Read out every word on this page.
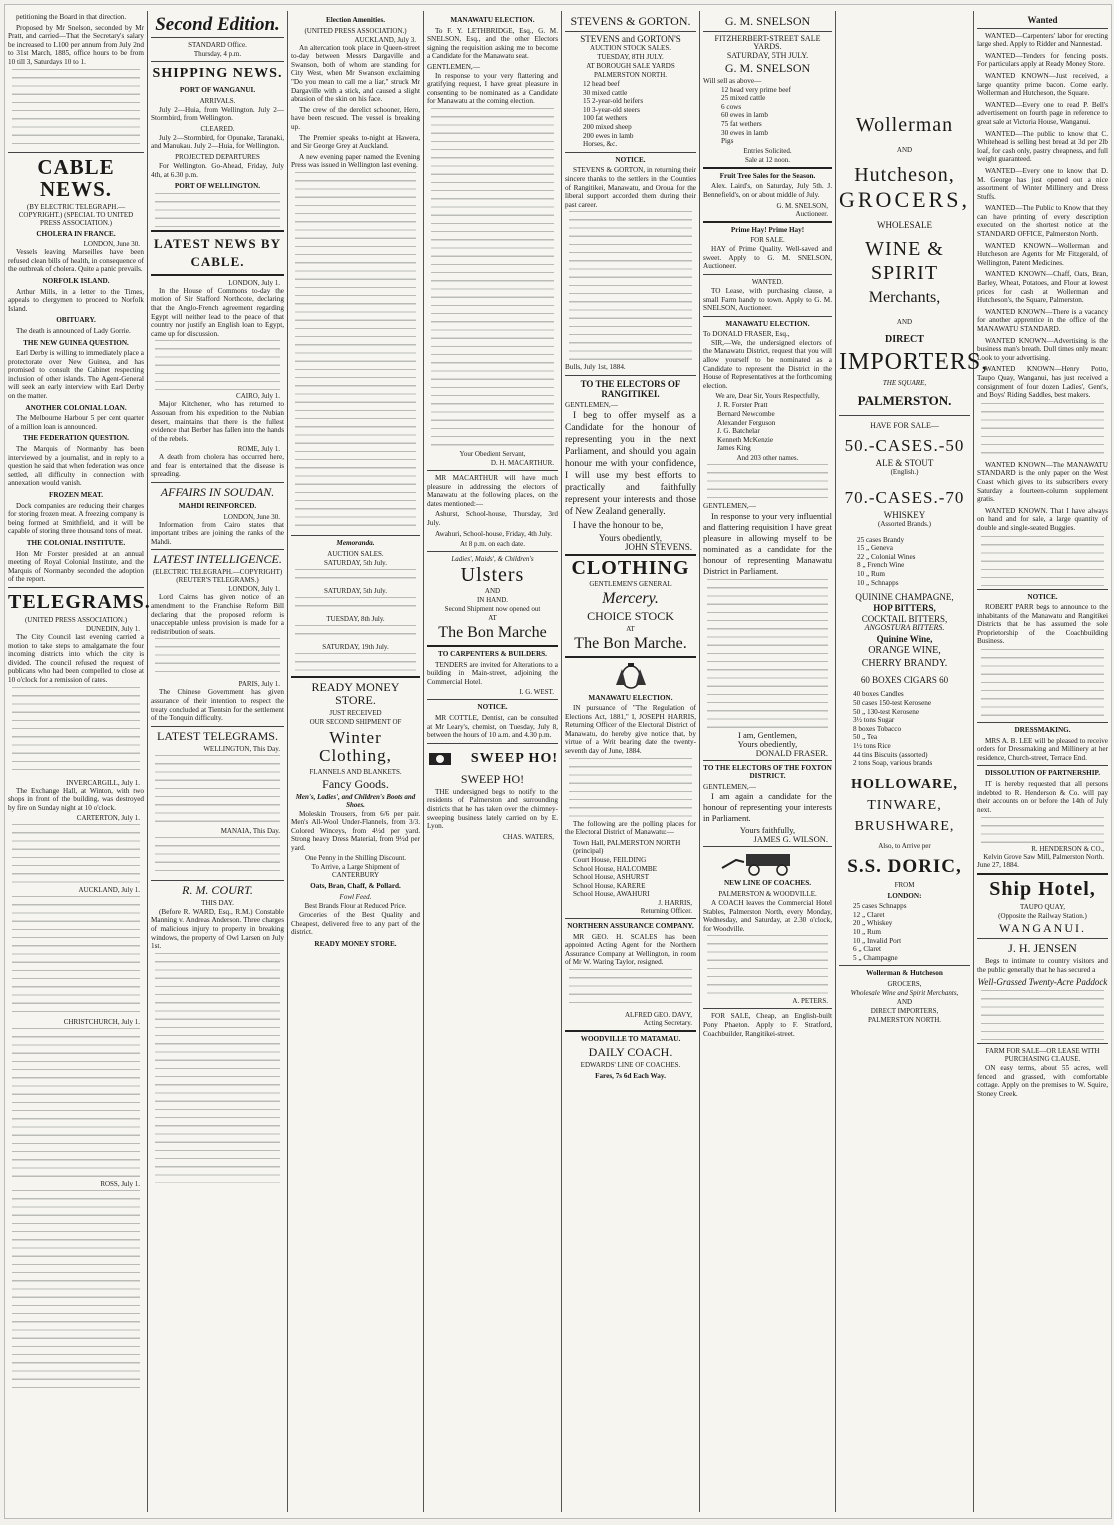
petitioning the Board in that direction.

Proposed by Mr Snelson, seconded by Mr Pratt, and carried—That the Secretary's salary be increased to L100 per annum from July 2nd to 31st March, 1885, office hours to be from 10 till 3, Saturdays 10 to 1.

CABLE NEWS.
(BY ELECTRIC TELEGRAPH.—COPYRIGHT.) (SPECIAL TO UNITED PRESS ASSOCIATION.)
CHOLERA IN FRANCE.
LONDON, June 30.

Vessels leaving Marseilles have been refused clean bills of health, in consequence of the outbreak of cholera. Quite a panic prevails.

NORFOLK ISLAND.

Arthur Mills, in a letter to the Times, appeals to clergymen to proceed to Norfolk Island.

OBITUARY.

The death is announced of Lady Gorrie.

THE NEW GUINEA QUESTION.

Earl Derby is willing to immediately place a protectorate over New Guinea, and has promised to consult the Cabinet respecting inclusion of other islands. The Agent-General will seek an early interview with Earl Derby on the matter.

ANOTHER COLONIAL LOAN.

The Melbourne Harbour 5 per cent quarter of a million loan is announced.

THE FEDERATION QUESTION.

The Marquis of Normanby has been interviewed by a journalist, and in reply to a question he said that when federation was once settled, all difficulty in connection with annexation would vanish.

FROZEN MEAT.

Dock companies are reducing their charges for storing frozen meat. A freezing company is being formed at Smithfield, and it will be capable of storing three thousand tons of meat.

THE COLONIAL INSTITUTE.

Hon Mr Forster presided at an annual meeting of Royal Colonial Institute, and the Marquis of Normanby seconded the adoption of the report.

TELEGRAMS.
(UNITED PRESS ASSOCIATION.)
DUNEDIN, July 1.

The City Council last evening carried a motion to take steps to amalgamate the four incoming districts into which the city is divided. The council refused the request of publicans who had been compelled to close at 10 o'clock for a remission of rates.

INVERCARGILL, July 1.

The Exchange Hall, at Winton, with two shops in front of the building, was destroyed by fire on Sunday night at 10 o'clock.

CARTERTON, July 1.
AUCKLAND, July 1.
CHRISTCHURCH, July 1.
ROSS, July 1.
Second Edition.
STANDARD Office.
Thursday, 4 p.m.
SHIPPING NEWS.
PORT OF WANGANUI.
ARRIVALS.

July 2—Huia, from Wellington. July 2—Stormbird, from Wellington.

CLEARED.

July 2—Stormbird, for Opunake, Taranaki, and Manukau. July 2—Huia, for Wellington.

PROJECTED DEPARTURES

For Wellington. Go-Ahead, Friday, July 4th, at 6.30 p.m.

PORT OF WELLINGTON.
LATEST NEWS BY CABLE.
LONDON, July 1.

In the House of Commons to-day the motion of Sir Stafford Northcote, declaring that the Anglo-French agreement regarding Egypt will neither lead to the peace of that country nor justify an English loan to Egypt, came up for discussion.

CAIRO, July 1.

Major Kitchener, who has returned to Assouan from his expedition to the Nubian desert, maintains that there is the fullest evidence that Berber has fallen into the hands of the rebels.

ROME, July 1.

A death from cholera has occurred here, and fear is entertained that the disease is spreading.

AFFAIRS IN SOUDAN.
MAHDI REINFORCED.
LONDON, June 30.

Information from Cairo states that important tribes are joining the ranks of the Mahdi.

LATEST INTELLIGENCE.
(ELECTRIC TELEGRAPH.—COPYRIGHT) (REUTER'S TELEGRAMS.)
LONDON, July 1.

Lord Cairns has given notice of an amendment to the Franchise Reform Bill declaring that the proposed reform is unacceptable unless provision is made for a redistribution of seats.

PARIS, July 1.

The Chinese Government has given assurance of their intention to respect the treaty concluded at Tientsin for the settlement of the Tonquin difficulty.

LATEST TELEGRAMS.
WELLINGTON, This Day.
MANAIA, This Day.
R. M. COURT.
THIS DAY.

(Before R. WARD, Esq., R.M.) Constable Manning v. Andreas Anderson. Three charges of malicious injury to property in breaking windows, the property of Owl Larsen on July 1st.

Election Amenities.
(UNITED PRESS ASSOCIATION.)
AUCKLAND, July 3.

An altercation took place in Queen-street to-day between Messrs Dargaville and Swanson, both of whom are standing for City West, when Mr Swanson exclaiming "Do you mean to call me a liar," struck Mr Dargaville with a stick, and caused a slight abrasion of the skin on his face.

The crew of the derelict schooner, Hero, have been rescued. The vessel is breaking up.

The Premier speaks to-night at Hawera, and Sir George Grey at Auckland.

A new evening paper named the Evening Press was issued in Wellington last evening.

Memoranda.
AUCTION SALES.
SATURDAY, 5th July.
SATURDAY, 5th July.
TUESDAY, 8th July.
SATURDAY, 19th July.
READY MONEY STORE.
JUST RECEIVED
OUR SECOND SHIPMENT OF
Winter Clothing,
FLANNELS AND BLANKETS.
Fancy Goods.
Men's, Ladies', and Children's Boots and Shoes.

Moleskin Trousers, from 6/6 per pair. Men's All-Wool Under-Flannels, from 3/3. Colored Winceys, from 4½d per yard. Strong heavy Dress Material, from 9½d per yard.

One Penny in the Shilling Discount.
To Arrive, a Large Shipment of CANTERBURY
Oats, Bran, Chaff, & Pollard.
Fowl Feed.
Best Brands Flour at Reduced Price.

Groceries of the Best Quality and Cheapest, delivered free to any part of the district.

READY MONEY STORE.
MANAWATU ELECTION.

To F. Y. LETHBRIDGE, Esq., G. M. SNELSON, Esq., and the other Electors signing the requisition asking me to become a Candidate for the Manawatu seat.

GENTLEMEN,—

In response to your very flattering and gratifying request, I have great pleasure in consenting to be nominated as a Candidate for Manawatu at the coming election.

Your Obedient Servant,
D. H. MACARTHUR.

MR MACARTHUR will have much pleasure in addressing the electors of Manawatu at the following places, on the dates mentioned:—

Ashurst, School-house, Thursday, 3rd July.

Awahuri, School-house, Friday, 4th July.

At 8 p.m. on each date.
Ladies', Maids', & Children's
Ulsters
AND
IN HAND.
Second Shipment now opened out
AT
The Bon Marche
TO CARPENTERS & BUILDERS.

TENDERS are invited for Alterations to a building in Main-street, adjoining the Commercial Hotel.

I. G. WEST.
NOTICE.

MR COTTLE, Dentist, can be consulted at Mr Leary's, chemist, on Tuesday, July 8, between the hours of 10 a.m. and 4.30 p.m.

SWEEP HO!
SWEEP HO!

THE undersigned begs to notify to the residents of Palmerston and surrounding districts that he has taken over the chimney-sweeping business lately carried on by E. Lyon.

CHAS. WATERS,
STEVENS & GORTON.
STEVENS and GORTON'S
AUCTION STOCK SALES.
TUESDAY, 8TH JULY.
AT BOROUGH SALE YARDS
PALMERSTON NORTH.
12 head beef
30 mixed cattle
15 2-year-old heifers
10 3-year-old steers
100 fat wethers
200 mixed sheep
200 ewes in lamb
Horses, &c.
NOTICE.

STEVENS & GORTON, in returning their sincere thanks to the settlers in the Counties of Rangitikei, Manawatu, and Oroua for the liberal support accorded them during their past career.

Bulls, July 1st, 1884.
TO THE ELECTORS OF RANGITIKEI.
GENTLEMEN,—

I beg to offer myself as a Candidate for the honour of representing you in the next Parliament, and should you again honour me with your confidence, I will use my best efforts to practically and faithfully represent your interests and those of New Zealand generally.

I have the honour to be,

Yours obediently,
JOHN STEVENS.
CLOTHING
GENTLEMEN'S GENERAL
Mercery.
CHOICE STOCK
AT
The Bon Marche.
MANAWATU ELECTION.

IN pursuance of "The Regulation of Elections Act, 1881," I, JOSEPH HARRIS, Returning Officer of the Electoral District of Manawatu, do hereby give notice that, by virtue of a Writ bearing date the twenty-seventh day of June, 1884.

The following are the polling places for the Electoral District of Manawatu:—

Town Hall, PALMERSTON NORTH (principal)
Court House, FEILDING
School House, HALCOMBE
School House, ASHURST
School House, KARERE
School House, AWAHURI
J. HARRIS,
Returning Officer.
NORTHERN ASSURANCE COMPANY.

MR GEO. H. SCALES has been appointed Acting Agent for the Northern Assurance Company at Wellington, in room of Mr W. Waring Taylor, resigned.

ALFRED GEO. DAVY,
Acting Secretary.
WOODVILLE TO MATAMAU.
DAILY COACH.
EDWARDS' LINE OF COACHES.
Fares, 7s 6d Each Way.
G. M. SNELSON
FITZHERBERT-STREET SALE YARDS.
SATURDAY, 5TH JULY.
G. M. SNELSON
Will sell as above—
12 head very prime beef
25 mixed cattle
6 cows
60 ewes in lamb
75 fat wethers
30 ewes in lamb
Pigs
Entries Solicited.
Sale at 12 noon.
Fruit Tree Sales for the Season.

Alex. Laird's, on Saturday, July 5th. J. Bennefield's, on or about middle of July.

G. M. SNELSON,
Auctioneer.
Prime Hay! Prime Hay!
FOR SALE.

HAY of Prime Quality. Well-saved and sweet. Apply to G. M. SNELSON, Auctioneer.

WANTED.

TO Lease, with purchasing clause, a small Farm handy to town. Apply to G. M. SNELSON, Auctioneer.

MANAWATU ELECTION.
To DONALD FRASER, Esq.,

SIR,—We, the undersigned electors of the Manawatu District, request that you will allow yourself to be nominated as a Candidate to represent the District in the House of Representatives at the forthcoming election.

We are, Dear Sir, Yours Respectfully,
J. R. Forster Pratt
Bernard Newcombe
Alexander Ferguson
J. G. Batchelar
Kenneth McKenzie
James King
And 203 other names.
GENTLEMEN,—

In response to your very influential and flattering requisition I have great pleasure in allowing myself to be nominated as a candidate for the honour of representing Manawatu District in Parliament.

I am, Gentlemen,
Yours obediently,
DONALD FRASER.
TO THE ELECTORS OF THE FOXTON DISTRICT.
GENTLEMEN,—

I am again a candidate for the honour of representing your interests in Parliament.

Yours faithfully,
JAMES G. WILSON.
NEW LINE OF COACHES.
PALMERSTON & WOODVILLE.

A COACH leaves the Commercial Hotel Stables, Palmerston North, every Monday, Wednesday, and Saturday, at 2.30 o'clock, for Woodville.

A. PETERS.

FOR SALE, Cheap, an English-built Pony Phaeton. Apply to F. Stratford, Coachbuilder, Rangitikei-street.

Wollerman
AND
Hutcheson,
GROCERS,
WHOLESALE
WINE & SPIRIT
Merchants,
AND
DIRECT
IMPORTERS,
THE SQUARE,
PALMERSTON.
HAVE FOR SALE—
50.-CASES.-50
ALE & STOUT
(English.)
70.-CASES.-70
WHISKEY
(Assorted Brands.)
25 cases Brandy
15 „ Geneva
22 „ Colonial Wines
8 „ French Wine
10 „ Rum
10 „ Schnapps
QUININE CHAMPAGNE,
HOP BITTERS,
COCKTAIL BITTERS,
ANGOSTURA BITTERS.
Quinine Wine,
ORANGE WINE,
CHERRY BRANDY.
60 BOXES CIGARS 60
40 boxes Candles
50 cases 150-test Kerosene
50 „ 130-test Kerosene
3½ tons Sugar
8 boxes Tobacco
50 „ Tea
1½ tons Rice
44 tins Biscuits (assorted)
2 tons Soap, various brands
HOLLOWARE,
TINWARE,
BRUSHWARE,
Also, to Arrive per
S.S. DORIC,
FROM
LONDON:
25 cases Schnapps
12 „ Claret
20 „ Whiskey
10 „ Rum
10 „ Invalid Port
6 „ Claret
5 „ Champagne
Wollerman & Hutcheson
GROCERS,
Wholesale Wine and Spirit Merchants,
AND
DIRECT IMPORTERS,
PALMERSTON NORTH.
Wanted

WANTED—Carpenters' labor for erecting large shed. Apply to Ridder and Nannestad.

WANTED—Tenders for fencing posts. For particulars apply at Ready Money Store.

WANTED KNOWN—Just received, a large quantity prime bacon. Come early. Wollerman and Hutcheson, the Square.

WANTED—Every one to read P. Bell's advertisement on fourth page in reference to great sale at Victoria House, Wanganui.

WANTED—The public to know that C. Whitehead is selling best bread at 3d per 2lb loaf, for cash only, pastry cheapness, and full weight guaranteed.

WANTED—Every one to know that D. M. George has just opened out a nice assortment of Winter Millinery and Dress Stuffs.

WANTED—The Public to Know that they can have printing of every description executed on the shortest notice at the STANDARD OFFICE, Palmerston North.

WANTED KNOWN—Wollerman and Hutcheson are Agents for Mr Fitzgerald, of Wellington, Patent Medicines.

WANTED KNOWN—Chaff, Oats, Bran, Barley, Wheat, Potatoes, and Flour at lowest prices for cash at Wollerman and Hutcheson's, the Square, Palmerston.

WANTED KNOWN—There is a vacancy for another apprentice in the office of the MANAWATU STANDARD.

WANTED KNOWN—Advertising is the business man's breath. Dull times only mean: Look to your advertising.

WANTED KNOWN—Henry Potto, Taupo Quay, Wanganui, has just received a consignment of four dozen Ladies', Gent's, and Boys' Riding Saddles, best makers.

WANTED KNOWN—The MANAWATU STANDARD is the only paper on the West Coast which gives to its subscribers every Saturday a fourteen-column supplement gratis.

WANTED KNOWN. That I have always on hand and for sale, a large quantity of double and single-seated Buggies.

NOTICE.

ROBERT PARR begs to announce to the inhabitants of the Manawatu and Rangitikei Districts that he has assumed the sole Proprietorship of the Coachbuilding Business.

DRESSMAKING.

MRS A. B. LEE will be pleased to receive orders for Dressmaking and Millinery at her residence, Church-street, Terrace End.

DISSOLUTION OF PARTNERSHIP.

IT is hereby requested that all persons indebted to R. Henderson & Co. will pay their accounts on or before the 14th of July next.

R. HENDERSON & CO.,
Kelvin Grove Saw Mill, Palmerston North.
June 27, 1884.
Ship Hotel,
TAUPO QUAY,
(Opposite the Railway Station.)
WANGANUI.
J. H. JENSEN

Begs to intimate to country visitors and the public generally that he has secured a

Well-Grassed Twenty-Acre Paddock
FARM FOR SALE—OR LEASE WITH PURCHASING CLAUSE.

ON easy terms, about 55 acres, well fenced and grassed, with comfortable cottage. Apply on the premises to W. Squire, Stoney Creek.
